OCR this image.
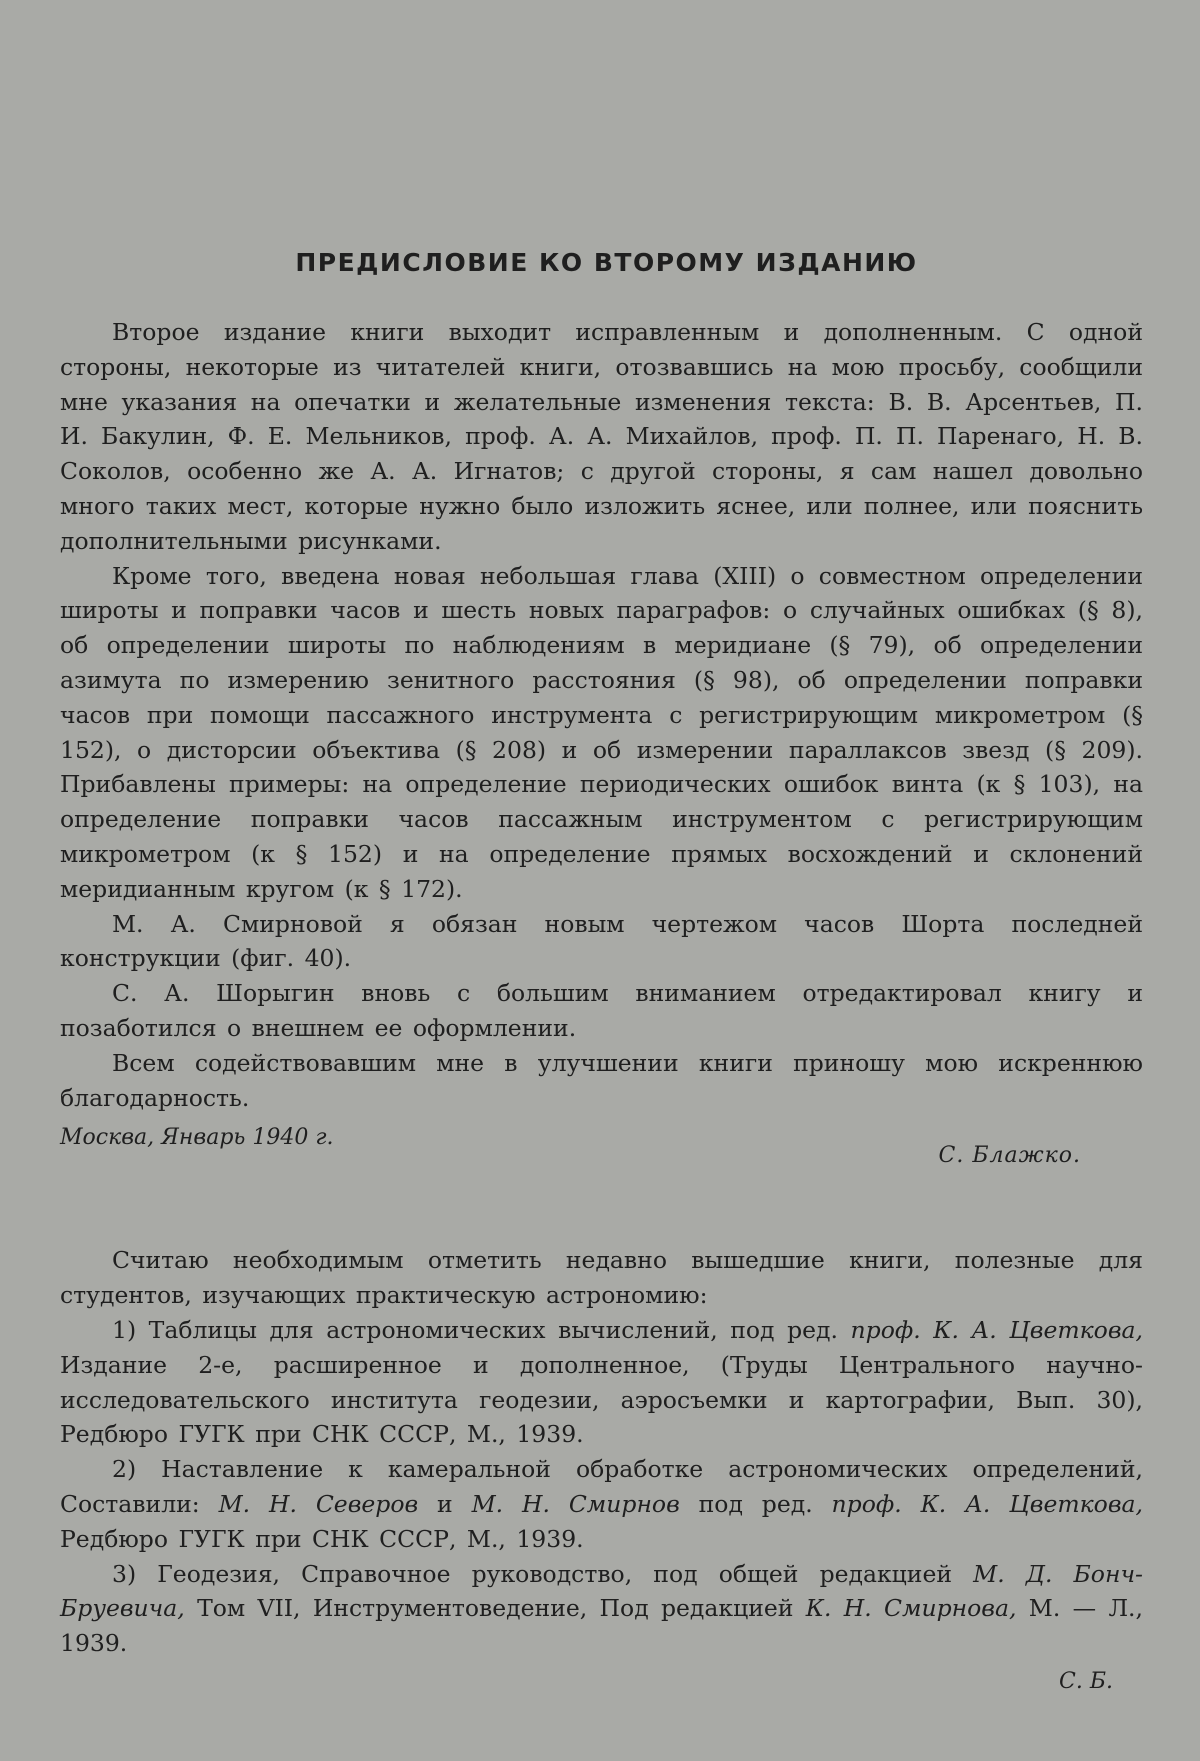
ПРЕДИСЛОВИЕ КО ВТОРОМУ ИЗДАНИЮ

Второе издание книги выходит исправленным и дополненным. С одной стороны, некоторые из читателей книги, отозвавшись на мою просьбу, сообщили мне указания на опечатки и желательные изменения текста: В. В. Арсентьев, П. И. Бакулин, Ф. Е. Мельников, проф. А. А. Михайлов, проф. П. П. Паренаго, Н. В. Соколов, особенно же А. А. Игнатов; с другой стороны, я сам нашел довольно много таких мест, которые нужно было изложить яснее, или полнее, или пояснить дополнительными рисунками.

Кроме того, введена новая небольшая глава (XIII) о совместном определении широты и поправки часов и шесть новых параграфов: о случайных ошибках (§ 8), об определении широты по наблюдениям в меридиане (§ 79), об определении азимута по измерению зенитного расстояния (§ 98), об определении поправки часов при помощи пассажного инструмента с регистрирующим микрометром (§ 152), о дисторсии объектива (§ 208) и об измерении параллаксов звезд (§ 209). Прибавлены примеры: на определение периодических ошибок винта (к § 103), на определение поправки часов пассажным инструментом с регистрирующим микрометром (к § 152) и на определение прямых восхождений и склонений меридианным кругом (к § 172).

М. А. Смирновой я обязан новым чертежом часов Шорта последней конструкции (фиг. 40).

С. А. Шорыгин вновь с большим вниманием отредактировал книгу и позаботился о внешнем ее оформлении.

Всем содействовавшим мне в улучшении книги приношу мою искреннюю благодарность.

Москва, Январь 1940 г.
С. Блажко.

Считаю необходимым отметить недавно вышедшие книги, полезные для студентов, изучающих практическую астрономию:

1) Таблицы для астрономических вычислений, под ред. проф. К. А. Цветкова, Издание 2-е, расширенное и дополненное, (Труды Центрального научно-исследовательского института геодезии, аэросъемки и картографии, Вып. 30), Редбюро ГУГК при СНК СССР, М., 1939.

2) Наставление к камеральной обработке астрономических определений, Составили: М. Н. Северов и М. Н. Смирнов под ред. проф. К. А. Цветкова, Редбюро ГУГК при СНК СССР, М., 1939.

3) Геодезия, Справочное руководство, под общей редакцией М. Д. Бонч-Бруевича, Том VII, Инструментоведение, Под редакцией К. Н. Смирнова, М. — Л., 1939.

С. Б.
